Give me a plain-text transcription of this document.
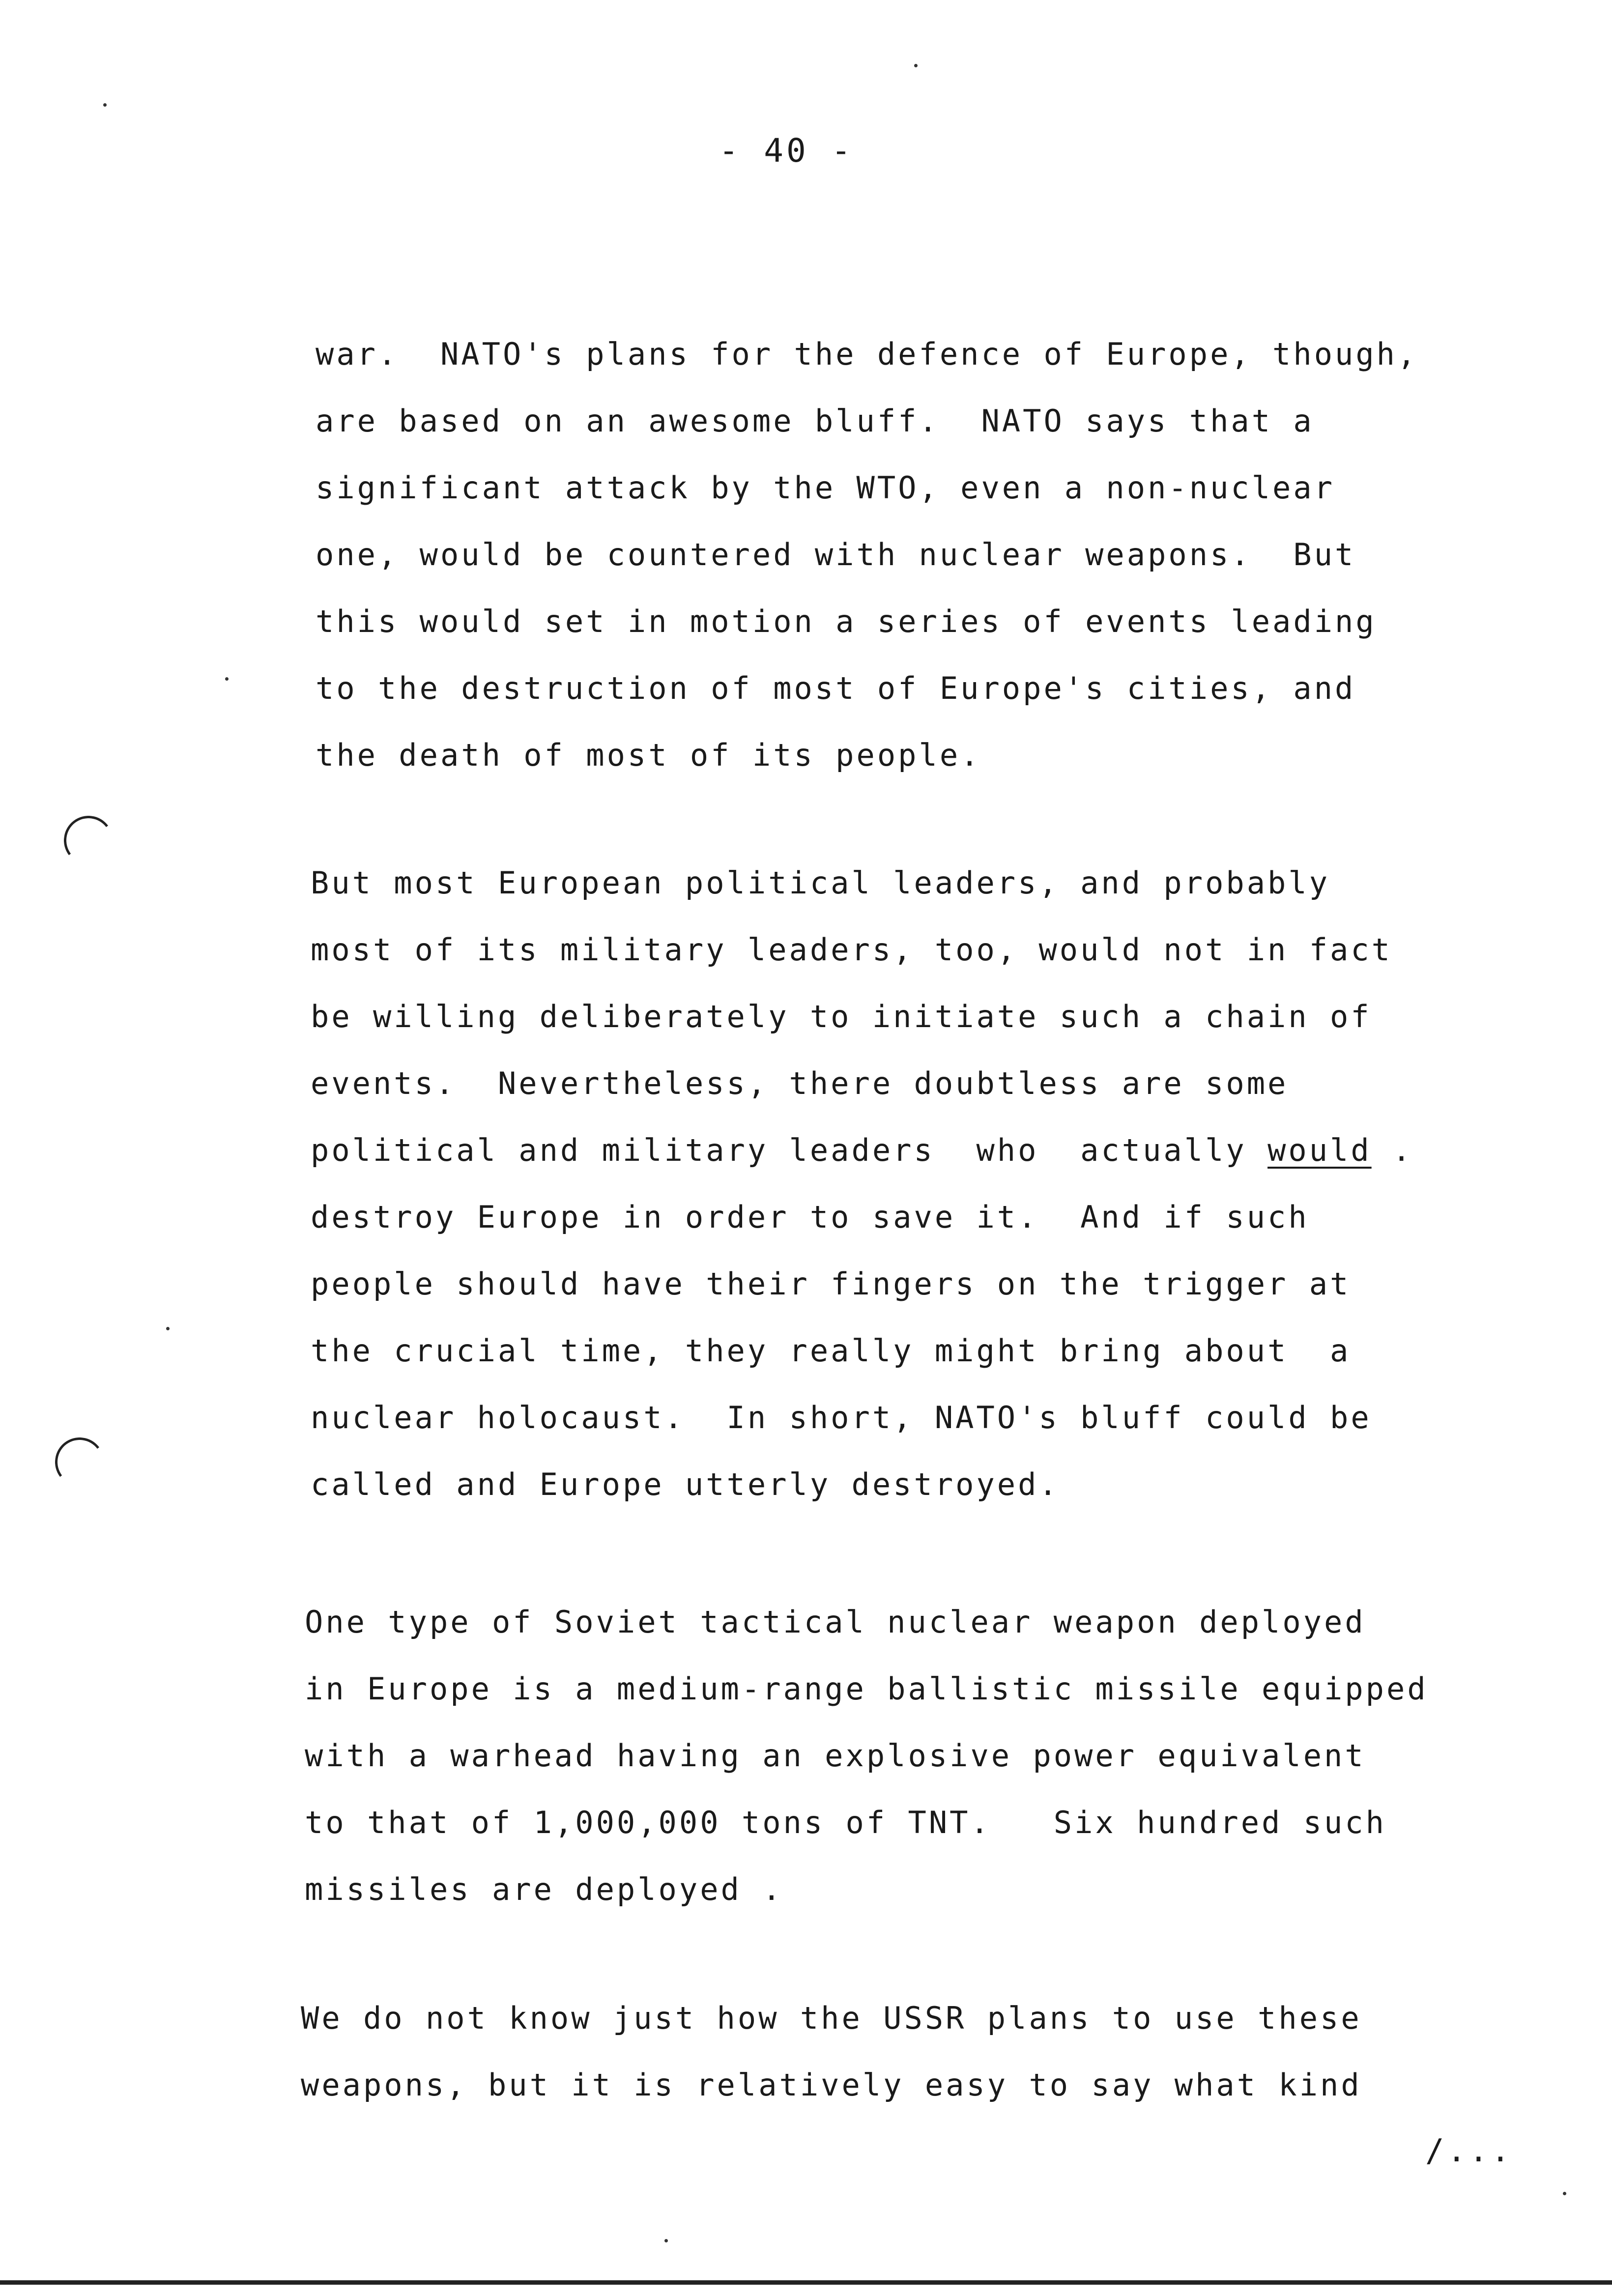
- 40 -
war.  NATO's plans for the defence of Europe, though,
are based on an awesome bluff.  NATO says that a
significant attack by the WTO, even a non-nuclear
one, would be countered with nuclear weapons.  But
this would set in motion a series of events leading
to the destruction of most of Europe's cities, and
the death of most of its people.
But most European political leaders, and probably
most of its military leaders, too, would not in fact
be willing deliberately to initiate such a chain of
events.  Nevertheless, there doubtless are some
political and military leaders  who  actually would .
destroy Europe in order to save it.  And if such
people should have their fingers on the trigger at
the crucial time, they really might bring about  a
nuclear holocaust.  In short, NATO's bluff could be
called and Europe utterly destroyed.
One type of Soviet tactical nuclear weapon deployed
in Europe is a medium-range ballistic missile equipped
with a warhead having an explosive power equivalent
to that of 1,000,000 tons of TNT.   Six hundred such
missiles are deployed .
We do not know just how the USSR plans to use these
weapons, but it is relatively easy to say what kind
/...
